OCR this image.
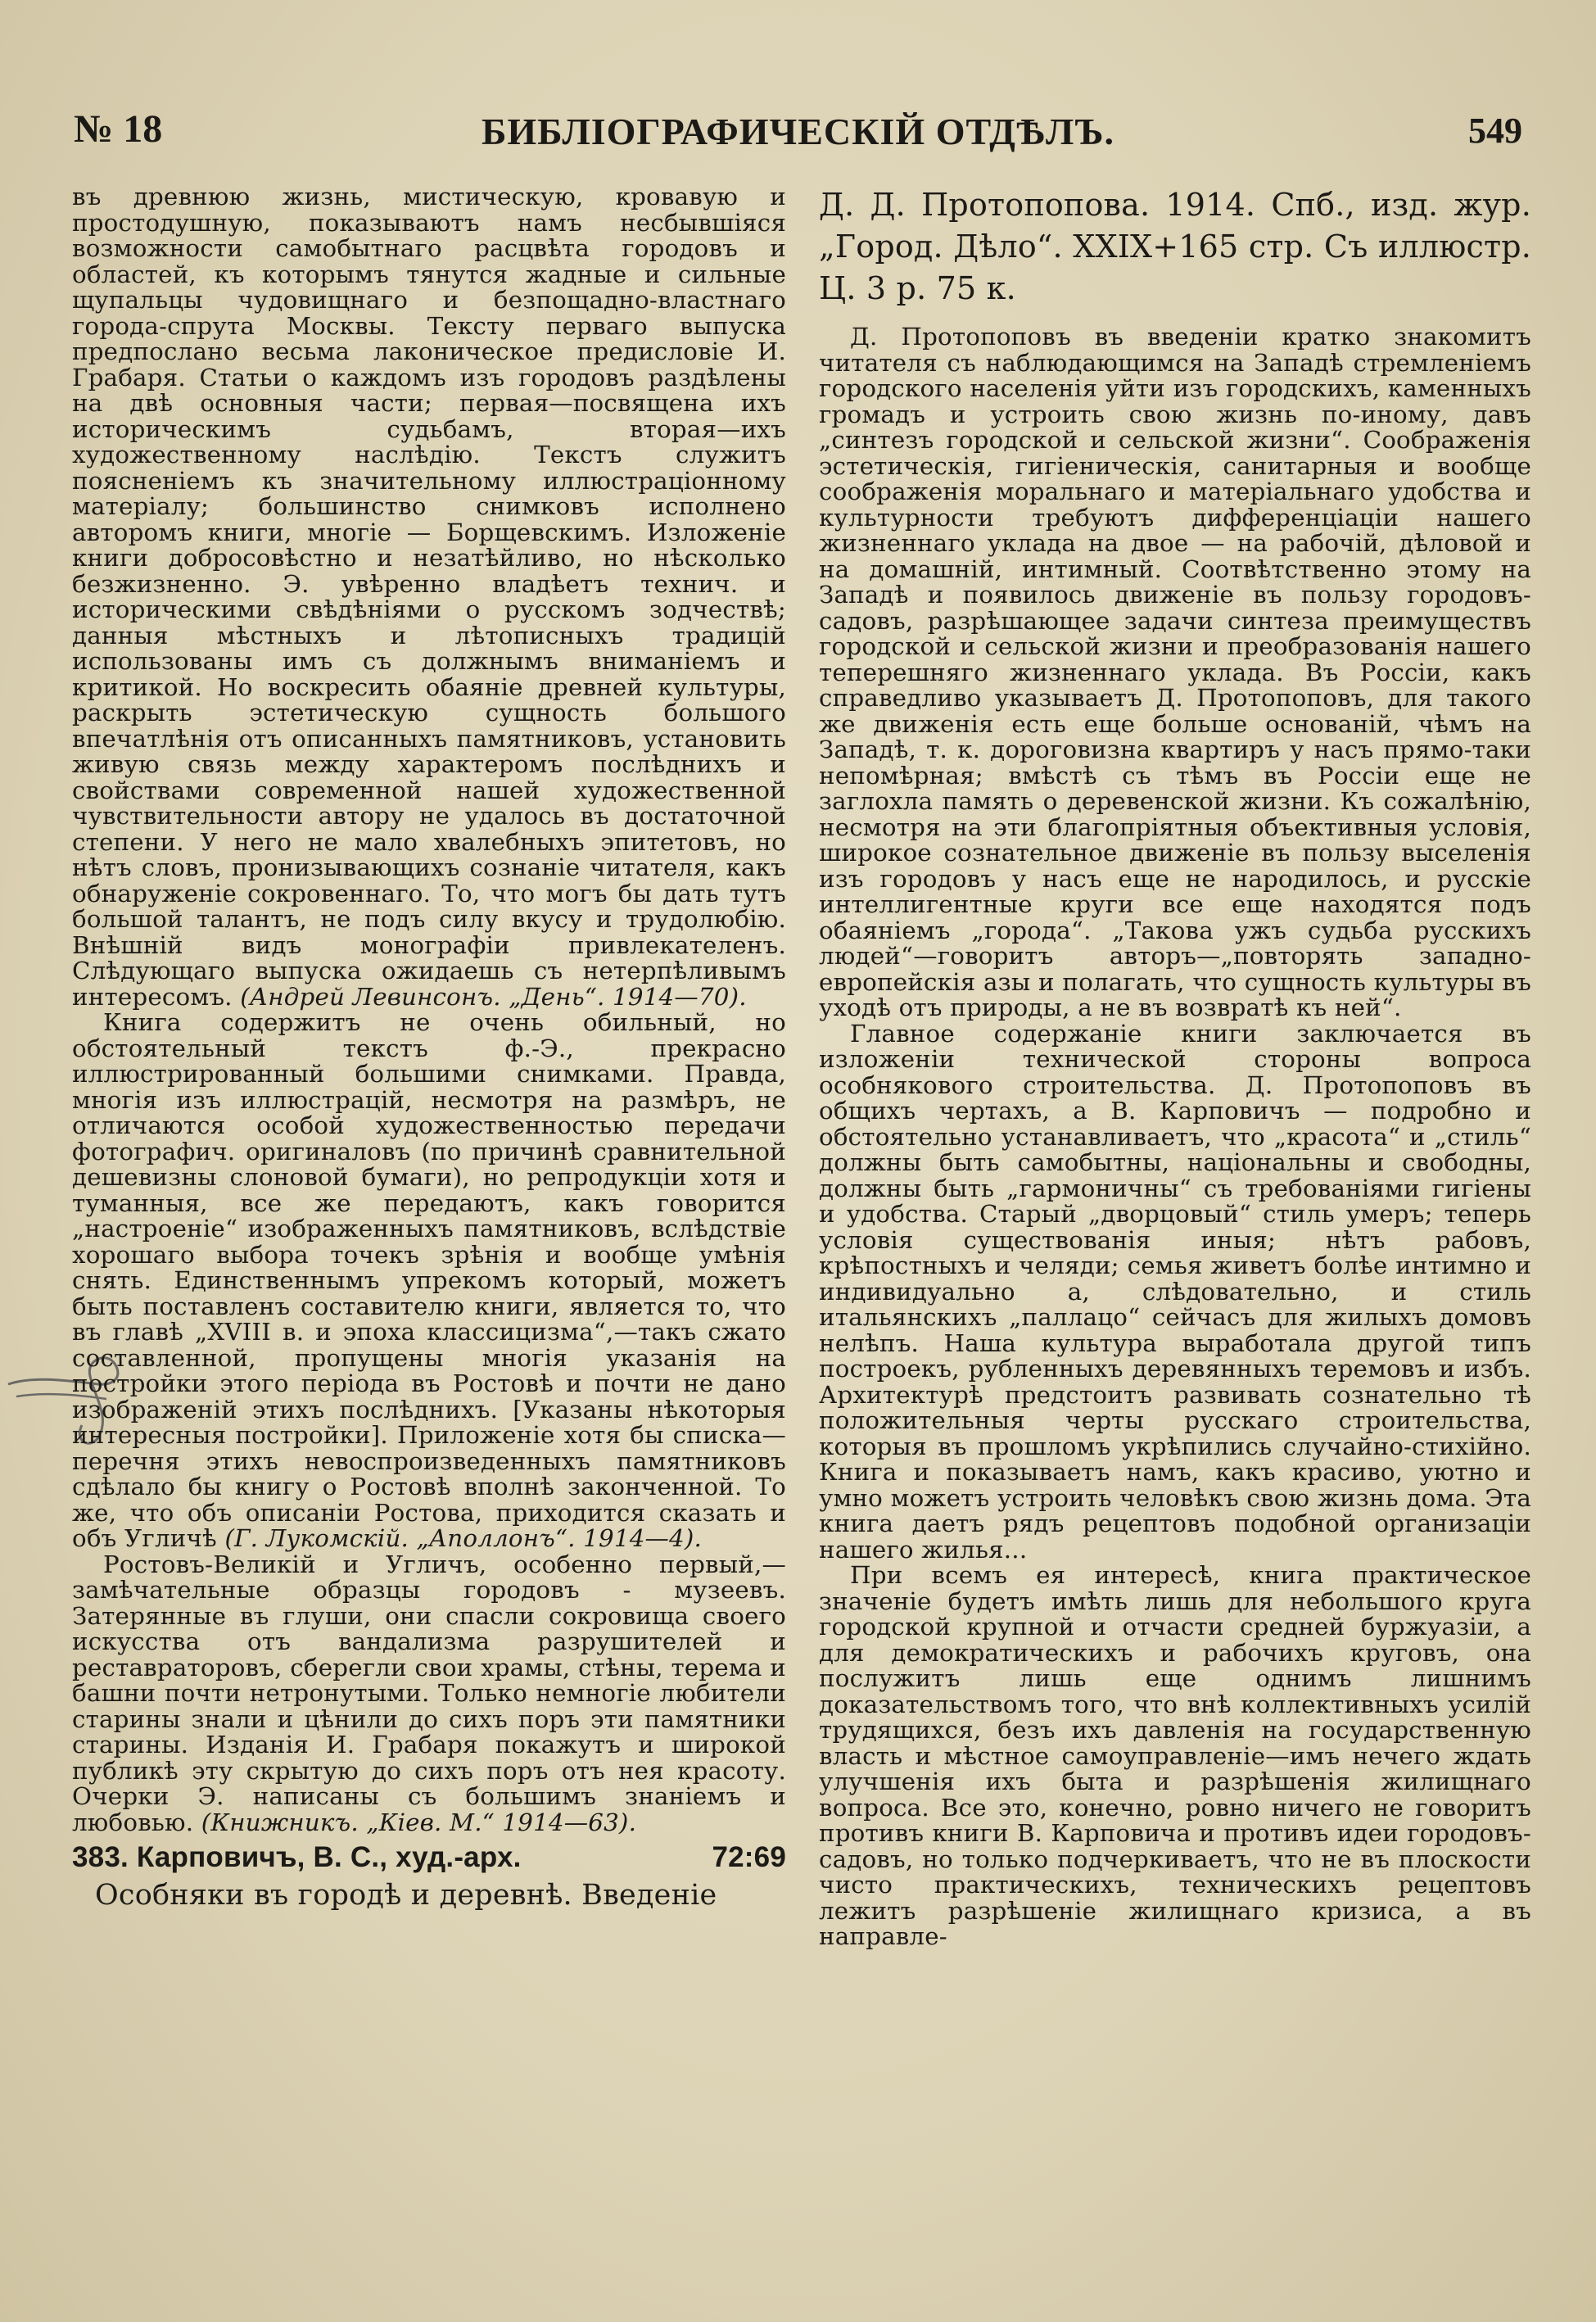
№ 18	БИБЛІОГРАФИЧЕСКІЙ ОТДѢЛЪ.	549

въ древнюю жизнь, мистическую, кровавую и простодушную, показываютъ намъ несбывшіяся возможности самобытнаго расцвѣта городовъ и областей, къ которымъ тянутся жадные и сильные щупальцы чудовищнаго и безпощадно-властнаго города-спрута Москвы. Тексту перваго выпуска предпослано весьма лаконическое предисловіе И. Грабаря. Статьи о каждомъ изъ городовъ раздѣлены на двѣ основныя части; первая—посвящена ихъ историческимъ судьбамъ, вторая—ихъ художественному наслѣдію. Текстъ служитъ поясненіемъ къ значительному иллюстраціонному матеріалу; большинство снимковъ исполнено авторомъ книги, многіе — Борщевскимъ. Изложеніе книги добросовѣстно и незатѣйливо, но нѣсколько безжизненно. Э. увѣренно владѣетъ технич. и историческими свѣдѣніями о русскомъ зодчествѣ; данныя мѣстныхъ и лѣтописныхъ традицій использованы имъ съ должнымъ вниманіемъ и критикой. Но воскресить обаяніе древней культуры, раскрыть эстетическую сущность большого впечатлѣнія отъ описанныхъ памятниковъ, установить живую связь между характеромъ послѣднихъ и свойствами современной нашей художественной чувствительности автору не удалось въ достаточной степени. У него не мало хвалебныхъ эпитетовъ, но нѣтъ словъ, пронизывающихъ сознаніе читателя, какъ обнаруженіе сокровеннаго. То, что могъ бы дать тутъ большой талантъ, не подъ силу вкусу и трудолюбію. Внѣшній видъ монографіи привлекателенъ. Слѣдующаго выпуска ожидаешь съ нетерпѣливымъ интересомъ. (Андрей Левинсонъ. „День“. 1914—70).

Книга содержитъ не очень обильный, но обстоятельный текстъ ф.-Э., прекрасно иллюстрированный большими снимками. Правда, многія изъ иллюстрацій, несмотря на размѣръ, не отличаются особой художественностью передачи фотографич. оригиналовъ (по причинѣ сравнительной дешевизны слоновой бумаги), но репродукціи хотя и туманныя, все же передаютъ, какъ говорится „настроеніе“ изображенныхъ памятниковъ, вслѣдствіе хорошаго выбора точекъ зрѣнія и вообще умѣнія снять. Единственнымъ упрекомъ который, можетъ быть поставленъ составителю книги, является то, что въ главѣ „XVIII в. и эпоха классицизма“,—такъ сжато составленной, пропущены многія указанія на постройки этого періода въ Ростовѣ и почти не дано изображеній этихъ послѣднихъ. [Указаны нѣкоторыя интересныя постройки]. Приложеніе хотя бы списка—перечня этихъ невоспроизведенныхъ памятниковъ сдѣлало бы книгу о Ростовѣ вполнѣ законченной. То же, что объ описаніи Ростова, приходится сказать и объ Угличѣ (Г. Лукомскій. „Аполлонъ“. 1914—4).

Ростовъ-Великій и Угличъ, особенно первый,—замѣчательные образцы городовъ - музеевъ. Затерянные въ глуши, они спасли сокровища своего искусства отъ вандализма разрушителей и реставраторовъ, сберегли свои храмы, стѣны, терема и башни почти нетронутыми. Только немногіе любители старины знали и цѣнили до сихъ поръ эти памятники старины. Изданія И. Грабаря покажутъ и широкой публикѣ эту скрытую до сихъ поръ отъ нея красоту. Очерки Э. написаны съ большимъ знаніемъ и любовью. (Книжникъ. „Кіев. М.“ 1914—63).

383. Карповичъ, В. С., худ.-арх.	72:69
Особняки въ городѣ и деревнѣ. Введеніе
Д. Д. Протопопова. 1914. Спб., изд. жур. „Город. Дѣло“. XXIX+165 стр. Съ иллюстр. Ц. 3 р. 75 к.

Д. Протопоповъ въ введеніи кратко знакомитъ читателя съ наблюдающимся на Западѣ стремленіемъ городского населенія уйти изъ городскихъ, каменныхъ громадъ и устроить свою жизнь по-иному, давъ „синтезъ городской и сельской жизни“. Соображенія эстетическія, гигіеническія, санитарныя и вообще соображенія моральнаго и матеріальнаго удобства и культурности требуютъ дифференціаціи нашего жизненнаго уклада на двое — на рабочій, дѣловой и на домашній, интимный. Соотвѣтственно этому на Западѣ и появилось движеніе въ пользу городовъ-садовъ, разрѣшающее задачи синтеза преимуществъ городской и сельской жизни и преобразованія нашего теперешняго жизненнаго уклада. Въ Россіи, какъ справедливо указываетъ Д. Протопоповъ, для такого же движенія есть еще больше основаній, чѣмъ на Западѣ, т. к. дороговизна квартиръ у насъ прямо-таки непомѣрная; вмѣстѣ съ тѣмъ въ Россіи еще не заглохла память о деревенской жизни. Къ сожалѣнію, несмотря на эти благопріятныя объективныя условія, широкое сознательное движеніе въ пользу выселенія изъ городовъ у насъ еще не народилось, и русскіе интеллигентные круги все еще находятся подъ обаяніемъ „города“. „Такова ужъ судьба русскихъ людей“—говоритъ авторъ—„повторять западно-европейскія азы и полагать, что сущность культуры въ уходѣ отъ природы, а не въ возвратѣ къ ней“.

Главное содержаніе книги заключается въ изложеніи технической стороны вопроса особнякового строительства. Д. Протопоповъ въ общихъ чертахъ, а В. Карповичъ — подробно и обстоятельно устанавливаетъ, что „красота“ и „стиль“ должны быть самобытны, національны и свободны, должны быть „гармоничны“ съ требованіями гигіены и удобства. Старый „дворцовый“ стиль умеръ; теперь условія существованія иныя; нѣтъ рабовъ, крѣпостныхъ и челяди; семья живетъ болѣе интимно и индивидуально а, слѣдовательно, и стиль итальянскихъ „паллацо“ сейчасъ для жилыхъ домовъ нелѣпъ. Наша культура выработала другой типъ построекъ, рубленныхъ деревянныхъ теремовъ и избъ. Архитектурѣ предстоитъ развивать сознательно тѣ положительныя черты русскаго строительства, которыя въ прошломъ укрѣпились случайно-стихійно. Книга и показываетъ намъ, какъ красиво, уютно и умно можетъ устроить человѣкъ свою жизнь дома. Эта книга даетъ рядъ рецептовъ подобной организаціи нашего жилья...

При всемъ ея интересѣ, книга практическое значеніе будетъ имѣть лишь для небольшого круга городской крупной и отчасти средней буржуазіи, а для демократическихъ и рабочихъ круговъ, она послужитъ лишь еще однимъ лишнимъ доказательствомъ того, что внѣ коллективныхъ усилій трудящихся, безъ ихъ давленія на государственную власть и мѣстное самоуправленіе—имъ нечего ждать улучшенія ихъ быта и разрѣшенія жилищнаго вопроса. Все это, конечно, ровно ничего не говоритъ противъ книги В. Карповича и противъ идеи городовъ-садовъ, но только подчеркиваетъ, что не въ плоскости чисто практическихъ, техническихъ рецептовъ лежитъ разрѣшеніе жилищнаго кризиса, а въ направле-
